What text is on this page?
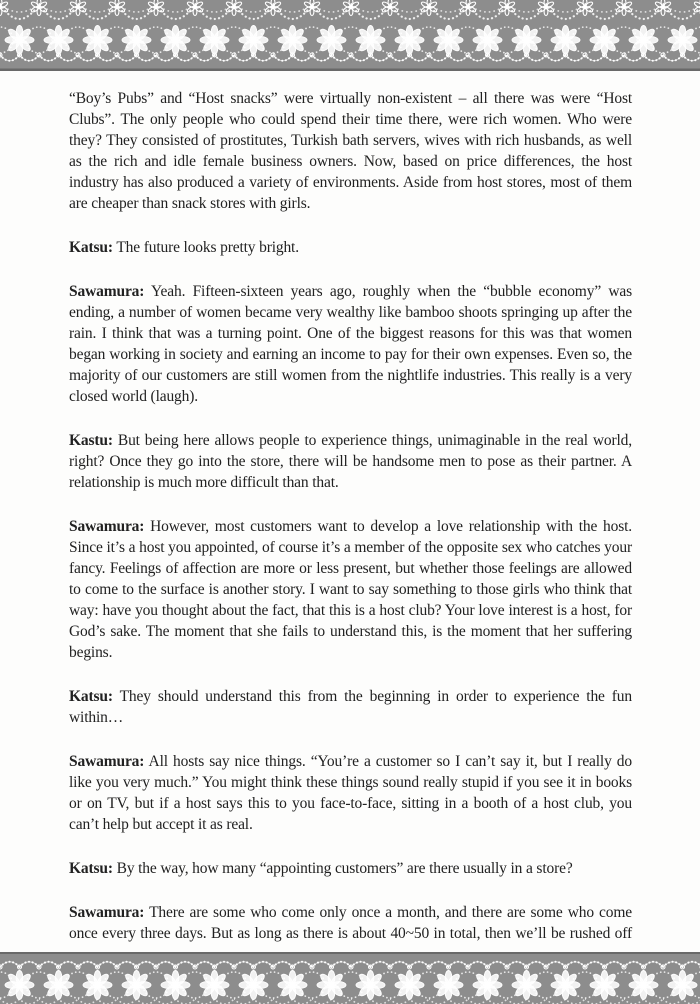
“Boy’s Pubs” and “Host snacks” were virtually non-existent – all there was were “Host Clubs”. The only people who could spend their time there, were rich women. Who were they? They consisted of prostitutes, Turkish bath servers, wives with rich husbands, as well as the rich and idle female business owners. Now, based on price differences, the host industry has also produced a variety of environments. Aside from host stores, most of them are cheaper than snack stores with girls.

Katsu: The future looks pretty bright.

Sawamura: Yeah. Fifteen-sixteen years ago, roughly when the “bubble economy” was ending, a number of women became very wealthy like bamboo shoots springing up after the rain. I think that was a turning point. One of the biggest reasons for this was that women began working in society and earning an income to pay for their own expenses. Even so, the majority of our customers are still women from the nightlife industries. This really is a very closed world (laugh).

Kastu: But being here allows people to experience things, unimaginable in the real world, right? Once they go into the store, there will be handsome men to pose as their partner. A relationship is much more difficult than that.

Sawamura: However, most customers want to develop a love relationship with the host. Since it’s a host you appointed, of course it’s a member of the opposite sex who catches your fancy. Feelings of affection are more or less present, but whether those feelings are allowed to come to the surface is another story. I want to say something to those girls who think that way: have you thought about the fact, that this is a host club? Your love interest is a host, for God’s sake. The moment that she fails to understand this, is the moment that her suffering begins.

Katsu: They should understand this from the beginning in order to experience the fun within…

Sawamura: All hosts say nice things. “You’re a customer so I can’t say it, but I really do like you very much.” You might think these things sound really stupid if you see it in books or on TV, but if a host says this to you face-to-face, sitting in a booth of a host club, you can’t help but accept it as real.

Katsu: By the way, how many “appointing customers” are there usually in a store?

Sawamura: There are some who come only once a month, and there are some who come once every three days. But as long as there is about 40~50 in total, then we’ll be rushed off
